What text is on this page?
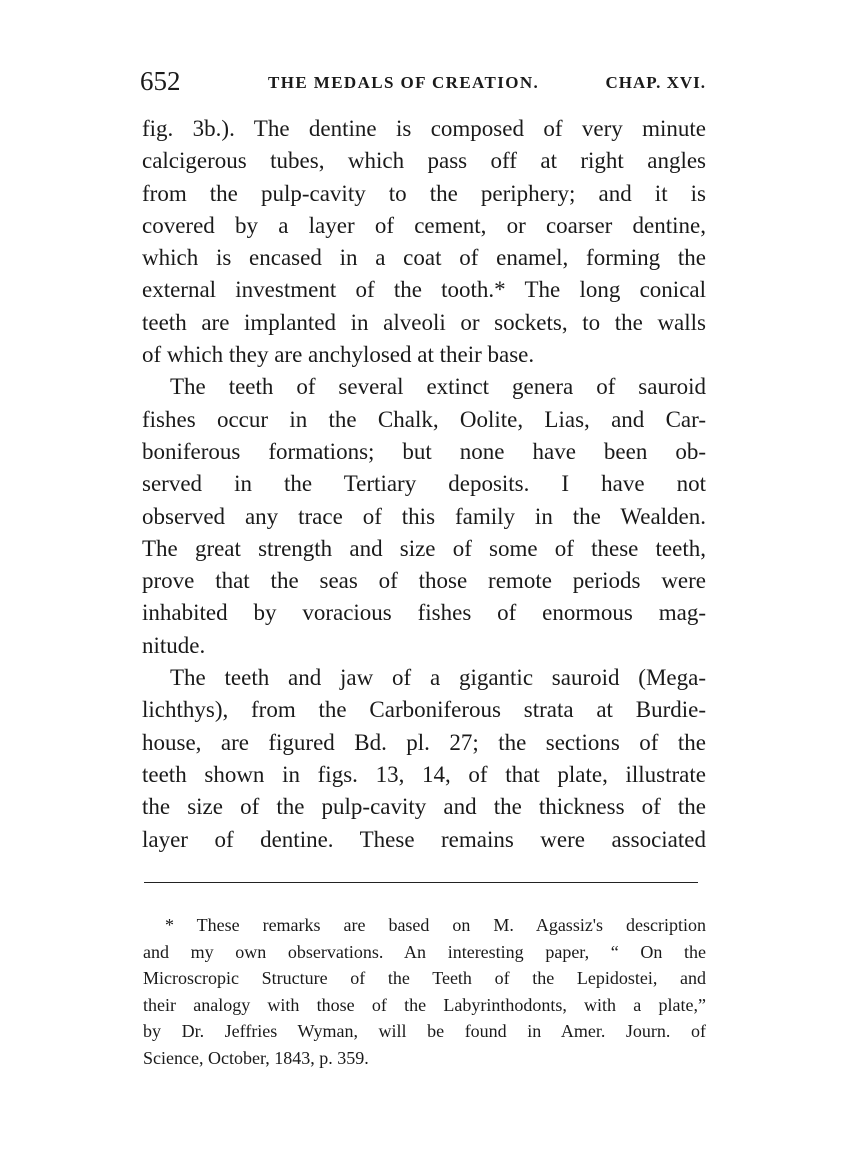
652	THE MEDALS OF CREATION.	CHAP. XVI.
fig. 3b.). The dentine is composed of very minute
calcigerous tubes, which pass off at right angles
from the pulp-cavity to the periphery; and it is
covered by a layer of cement, or coarser dentine,
which is encased in a coat of enamel, forming the
external investment of the tooth.* The long conical
teeth are implanted in alveoli or sockets, to the walls
of which they are anchylosed at their base.
The teeth of several extinct genera of sauroid
fishes occur in the Chalk, Oolite, Lias, and Car-
boniferous formations; but none have been ob-
served in the Tertiary deposits. I have not
observed any trace of this family in the Wealden.
The great strength and size of some of these teeth,
prove that the seas of those remote periods were
inhabited by voracious fishes of enormous mag-
nitude.
The teeth and jaw of a gigantic sauroid (Mega-
lichthys), from the Carboniferous strata at Burdie-
house, are figured Bd. pl. 27; the sections of the
teeth shown in figs. 13, 14, of that plate, illustrate
the size of the pulp-cavity and the thickness of the
layer of dentine. These remains were associated
* These remarks are based on M. Agassiz's description
and my own observations. An interesting paper, “ On the
Microscropic Structure of the Teeth of the Lepidostei, and
their analogy with those of the Labyrinthodonts, with a plate,”
by Dr. Jeffries Wyman, will be found in Amer. Journ. of
Science, October, 1843, p. 359.
